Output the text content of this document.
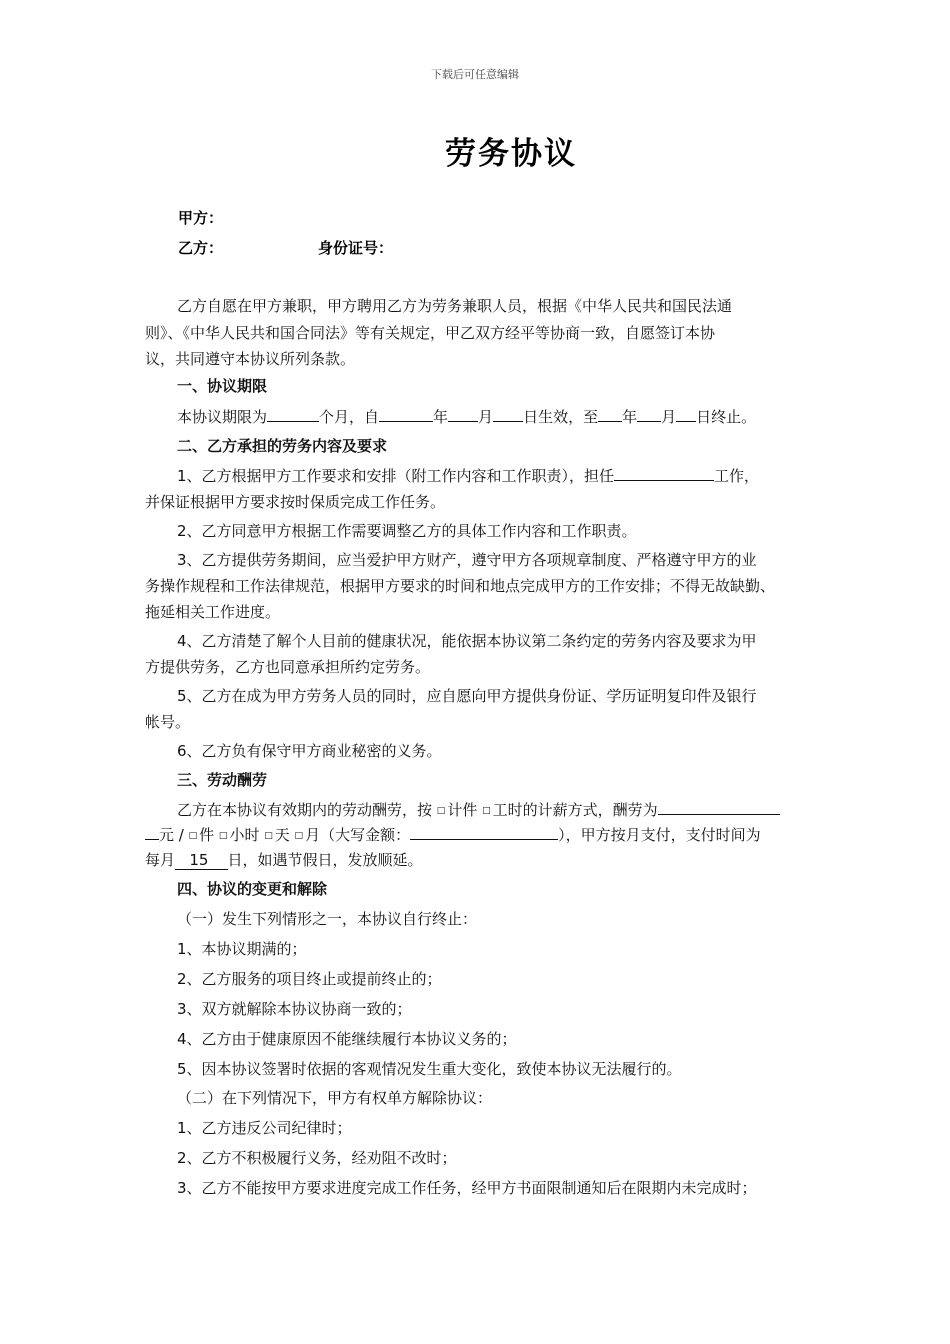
下载后可任意编辑
劳务协议
甲方：
乙方：	身份证号：
乙方自愿在甲方兼职，甲方聘用乙方为劳务兼职人员，根据《中华人民共和国民法通
则》、《中华人民共和国合同法》等有关规定，甲乙双方经平等协商一致，自愿签订本协
议，共同遵守本协议所列条款。
一、协议期限
本协议期限为	个月，自	年 月 日生效，至 年 月 日终止。
二、乙方承担的劳务内容及要求
1、乙方根据甲方工作要求和安排（附工作内容和工作职责），担任	工作，
并保证根据甲方要求按时保质完成工作任务。
2、乙方同意甲方根据工作需要调整乙方的具体工作内容和工作职责。
3、乙方提供劳务期间，应当爱护甲方财产，遵守甲方各项规章制度、严格遵守甲方的业
务操作规程和工作法律规范，根据甲方要求的时间和地点完成甲方的工作安排；不得无故缺勤、
拖延相关工作进度。
4、乙方清楚了解个人目前的健康状况，能依据本协议第二条约定的劳务内容及要求为甲
方提供劳务，乙方也同意承担所约定劳务。
5、乙方在成为甲方劳务人员的同时，应自愿向甲方提供身份证、学历证明复印件及银行
帐号。
6、乙方负有保守甲方商业秘密的义务。
三、劳动酬劳
乙方在本协议有效期内的劳动酬劳，按 □ 计件 □ 工时的计薪方式，酬劳为
元 / □ 件 □ 小时 □ 天 □ 月（大写金额：	），甲方按月支付，支付时间为
每月 15 日，如遇节假日，发放顺延。
四、协议的变更和解除
（一）发生下列情形之一，本协议自行终止：
1、本协议期满的；
2、乙方服务的项目终止或提前终止的；
3、双方就解除本协议协商一致的；
4、乙方由于健康原因不能继续履行本协议义务的；
5、因本协议签署时依据的客观情况发生重大变化，致使本协议无法履行的。
（二）在下列情况下，甲方有权单方解除协议：
1、乙方违反公司纪律时；
2、乙方不积极履行义务，经劝阻不改时；
3、乙方不能按甲方要求进度完成工作任务，经甲方书面限制通知后在限期内未完成时；
